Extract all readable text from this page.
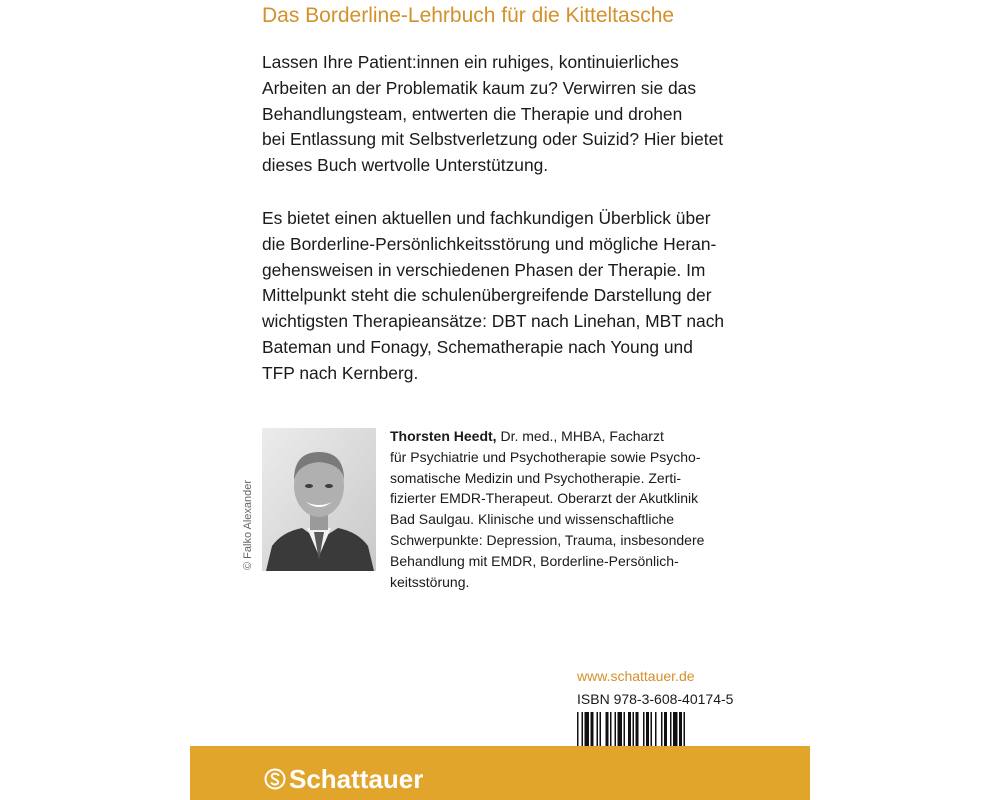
Das Borderline-Lehrbuch für die Kitteltasche

Lassen Ihre Patient:innen ein ruhiges, kontinuierliches
Arbeiten an der Problematik kaum zu? Verwirren sie das
Behandlungsteam, entwerten die Therapie und drohen
bei Entlassung mit Selbstverletzung oder Suizid? Hier bietet
dieses Buch wertvolle Unterstützung.

Es bietet einen aktuellen und fachkundigen Überblick über
die Borderline-Persönlichkeitsstörung und mögliche Heran-
gehensweisen in verschiedenen Phasen der Therapie. Im
Mittelpunkt steht die schulenübergreifende Darstellung der
wichtigsten Therapieansätze: DBT nach Linehan, MBT nach
Bateman und Fonagy, Schematherapie nach Young und
TFP nach Kernberg.

© Falko Alexander

Thorsten Heedt, Dr. med., MHBA, Facharzt
für Psychiatrie und Psychotherapie sowie Psycho-
somatische Medizin und Psychotherapie. Zerti-
fizierter EMDR-Therapeut. Oberarzt der Akutklinik
Bad Saulgau. Klinische und wissenschaftliche
Schwerpunkte: Depression, Trauma, insbesondere
Behandlung mit EMDR, Borderline-Persönlich-
keitsstörung.

www.schattauer.de
ISBN 978-3-608-40174-5
Schattauer
